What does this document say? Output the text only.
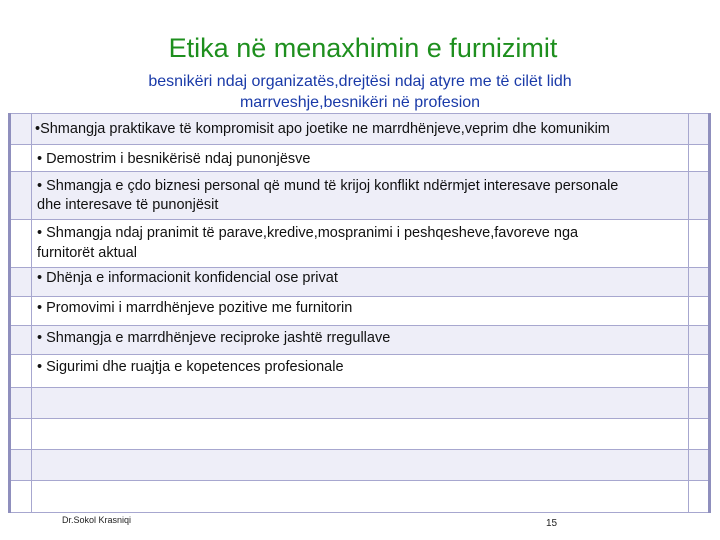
Etika në menaxhimin e furnizimit
besnikëri ndaj organizatës,drejtësi ndaj atyre me të cilët lidh
marrveshje,besnikëri në profesion
•Shmangja praktikave të kompromisit apo joetike ne marrdhënjeve,veprim dhe komunikim
• Demostrim i besnikërisë ndaj punonjësve
• Shmangja e çdo biznesi personal që mund të krijoj konflikt ndërmjet interesave personale
dhe interesave të punonjësit
• Shmangja ndaj pranimit të parave,kredive,mospranimi i peshqesheve,favoreve nga
furnitorët aktual
• Dhënja e informacionit konfidencial ose privat
• Promovimi i marrdhënjeve pozitive me furnitorin
• Shmangja e marrdhënjeve reciproke jashtë rregullave
• Sigurimi dhe ruajtja e kopetences profesionale
Dr.Sokol Krasniqi	15
